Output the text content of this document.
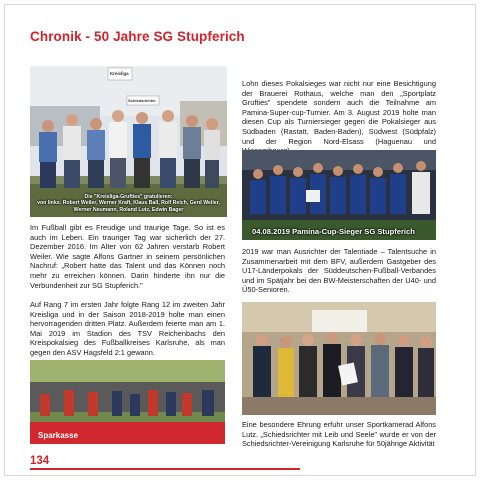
Chronik - 50 Jahre SG Stupferich
Kreisliga
Schiedsrichter
Die "Kreisliga-Grufties" gratulieren:
von links: Robert Weiler, Werner Kraft, Klaus Ball, Rolf Reich, Gerd Weiler,
Werner Neumann, Roland Lutz, Edwin Bager

Lohn dieses Pokalsieges war nicht nur eine Besichtigung der Brauerei Rothaus, welche man den „Sportplatz Grufties" spendete sondern auch die Teilnahme am Pamina-Super-cup-Turnier. Am 3. August 2019 holte man diesen Cup als Turniersieger gegen die Pokalsieger aus Südbaden (Rastatt, Baden-Baden), Südwest (Südpfalz) und der Region Nord-Elsass (Haguenau und

04.08.2019 Pamina-Cup-Sieger SG Stupferich

Im Fußball gibt es Freudige und traurige Tage. So ist es auch im Leben. Ein trauriger Tag war sicherlich der 27. Dezember 2016. Im Alter von 62 Jahren verstarb Robert Weiler. Wie sagte Alfons Gartner in seinem persönlichen Nachruf: „Robert hatte das Talent und das Können noch mehr zu erreichen können. Darin hinderte ihn nur die Verbundenheit zur SG Stupferich."

Auf Rang 7 im ersten Jahr folgte Rang 12 im zweiten Jahr Kreisliga und in der Saison 2018-2019 holte man einen hervorragenden dritten Platz. Außerdem feierte man am 1. Mai 2019 im Stadion des TSV Reichenbachs den Kreispokalsieg des Fußballkreises Karlsruhe, als man gegen den ASV Hagsfeld 2:1 gewann.

2019 war man Ausrichter der Talentiade – Talentsuche in Zusammenarbeit mit dem BFV, außerdem Gastgeber des U17-Länderpokals der Süddeutschen-Fußball-Verbandes und im Spätjahr bei den BW-Meisterschaften der U40- und Ü50-Senioren.

Sparkasse

Eine besondere Ehrung erfuhr unser Sportkamerad Alfons Lutz. „Schiedsrichter mit Leib und Seele" wurde er von der Schiedsrichter-Vereinigung Karlsruhe für 50jährige Aktivität

134
